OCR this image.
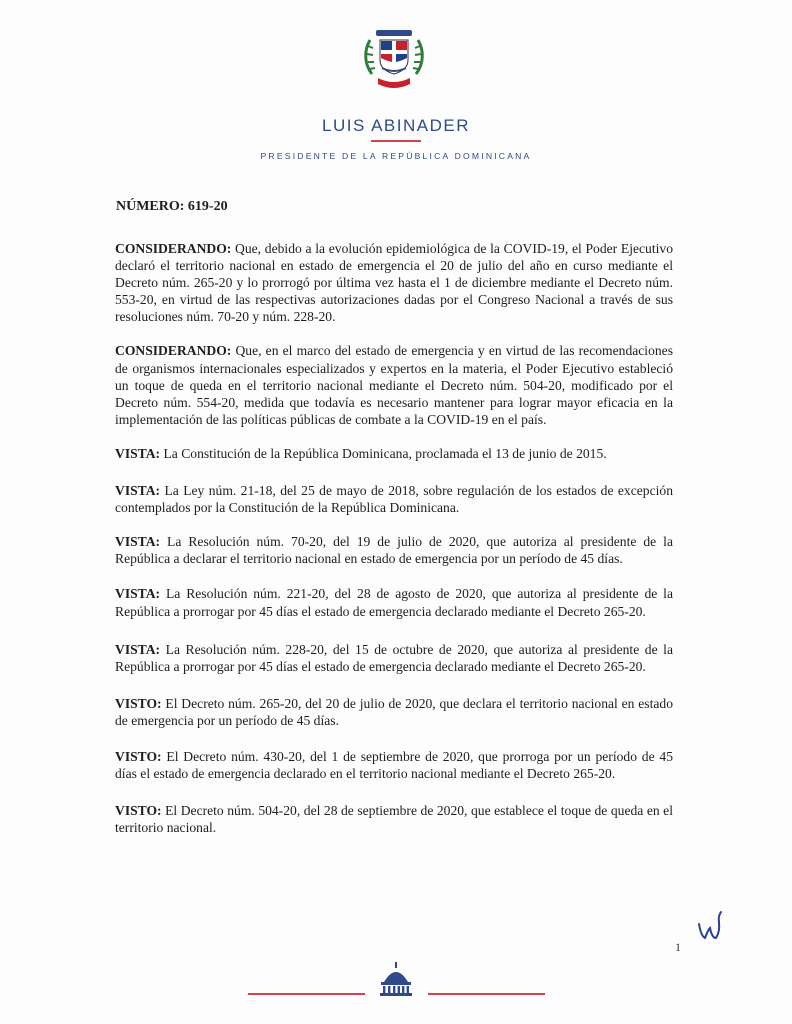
LUIS ABINADER
PRESIDENTE DE LA REPÚBLICA DOMINICANA
NÚMERO: 619-20

CONSIDERANDO: Que, debido a la evolución epidemiológica de la COVID-19, el Poder Ejecutivo declaró el territorio nacional en estado de emergencia el 20 de julio del año en curso mediante el Decreto núm. 265-20 y lo prorrogó por última vez hasta el 1 de diciembre mediante el Decreto núm. 553-20, en virtud de las respectivas autorizaciones dadas por el Congreso Nacional a través de sus resoluciones núm. 70-20 y núm. 228-20.

CONSIDERANDO: Que, en el marco del estado de emergencia y en virtud de las recomendaciones de organismos internacionales especializados y expertos en la materia, el Poder Ejecutivo estableció un toque de queda en el territorio nacional mediante el Decreto núm. 504-20, modificado por el Decreto núm. 554-20, medida que todavía es necesario mantener para lograr mayor eficacia en la implementación de las políticas públicas de combate a la COVID-19 en el país.

VISTA: La Constitución de la República Dominicana, proclamada el 13 de junio de 2015.

VISTA: La Ley núm. 21-18, del 25 de mayo de 2018, sobre regulación de los estados de excepción contemplados por la Constitución de la República Dominicana.

VISTA: La Resolución núm. 70-20, del 19 de julio de 2020, que autoriza al presidente de la República a declarar el territorio nacional en estado de emergencia por un período de 45 días.

VISTA: La Resolución núm. 221-20, del 28 de agosto de 2020, que autoriza al presidente de la República a prorrogar por 45 días el estado de emergencia declarado mediante el Decreto 265-20.

VISTA: La Resolución núm. 228-20, del 15 de octubre de 2020, que autoriza al presidente de la República a prorrogar por 45 días el estado de emergencia declarado mediante el Decreto 265-20.

VISTO: El Decreto núm. 265-20, del 20 de julio de 2020, que declara el territorio nacional en estado de emergencia por un período de 45 días.

VISTO: El Decreto núm. 430-20, del 1 de septiembre de 2020, que prorroga por un período de 45 días el estado de emergencia declarado en el territorio nacional mediante el Decreto 265-20.

VISTO: El Decreto núm. 504-20, del 28 de septiembre de 2020, que establece el toque de queda en el territorio nacional.

1
